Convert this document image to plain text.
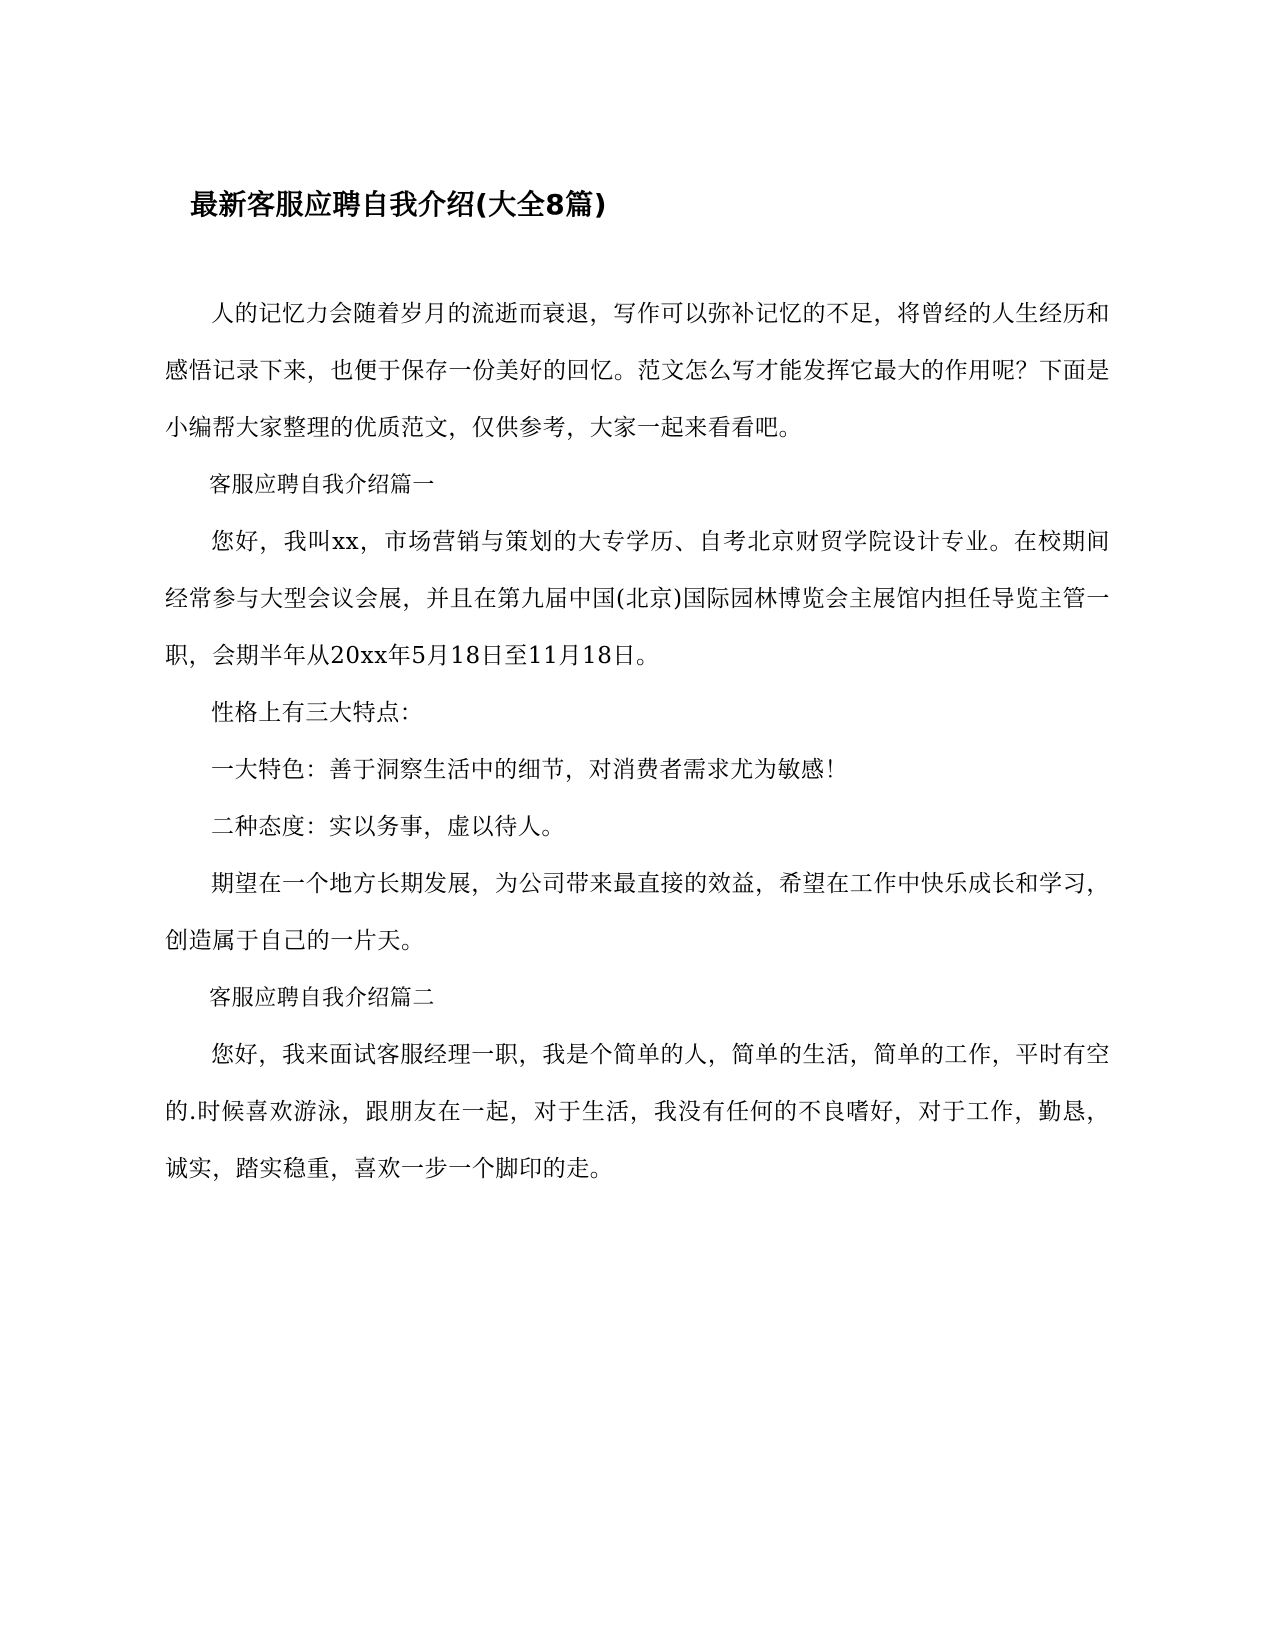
最新客服应聘自我介绍(大全8篇)

人的记忆力会随着岁月的流逝而衰退，写作可以弥补记忆的不足，将曾经的人生经历和感悟记录下来，也便于保存一份美好的回忆。范文怎么写才能发挥它最大的作用呢？下面是小编帮大家整理的优质范文，仅供参考，大家一起来看看吧。

客服应聘自我介绍篇一

您好，我叫xx，市场营销与策划的大专学历、自考北京财贸学院设计专业。在校期间经常参与大型会议会展，并且在第九届中国(北京)国际园林博览会主展馆内担任导览主管一职，会期半年从20xx年5月18日至11月18日。

性格上有三大特点：

一大特色：善于洞察生活中的细节，对消费者需求尤为敏感！

二种态度：实以务事，虚以待人。

期望在一个地方长期发展，为公司带来最直接的效益，希望在工作中快乐成长和学习，创造属于自己的一片天。

客服应聘自我介绍篇二

您好，我来面试客服经理一职，我是个简单的人，简单的生活，简单的工作，平时有空的.时候喜欢游泳，跟朋友在一起，对于生活，我没有任何的不良嗜好，对于工作，勤恳，诚实，踏实稳重，喜欢一步一个脚印的走。
